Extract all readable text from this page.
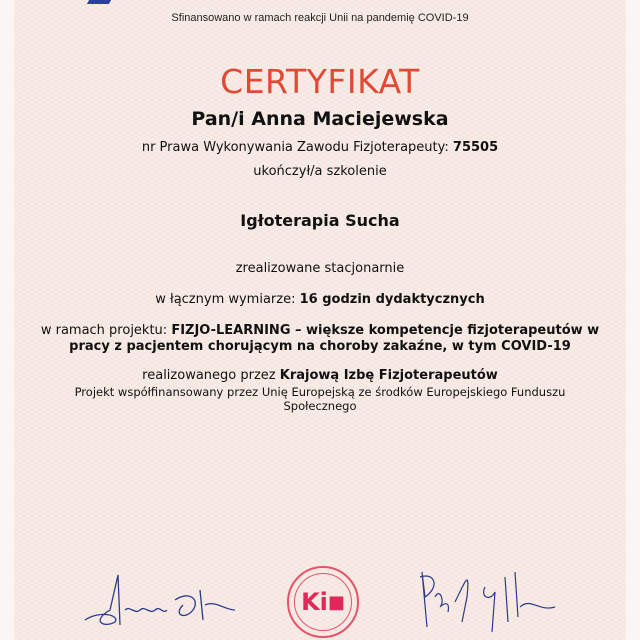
Sfinansowano w ramach reakcji Unii na pandemię COVID-19
CERTYFIKAT
Pan/i Anna Maciejewska
nr Prawa Wykonywania Zawodu Fizjoterapeuty: 75505
ukończył/a szkolenie
Igłoterapia Sucha
zrealizowane stacjonarnie
w łącznym wymiarze: 16 godzin dydaktycznych
w ramach projektu: FIZJO-LEARNING – większe kompetencje fizjoterapeutów w
pracy z pacjentem chorującym na choroby zakaźne, w tym COVID-19
realizowanego przez Krajową Izbę Fizjoterapeutów
Projekt współfinansowany przez Unię Europejską ze środków Europejskiego Funduszu
Społecznego
Ki ■
